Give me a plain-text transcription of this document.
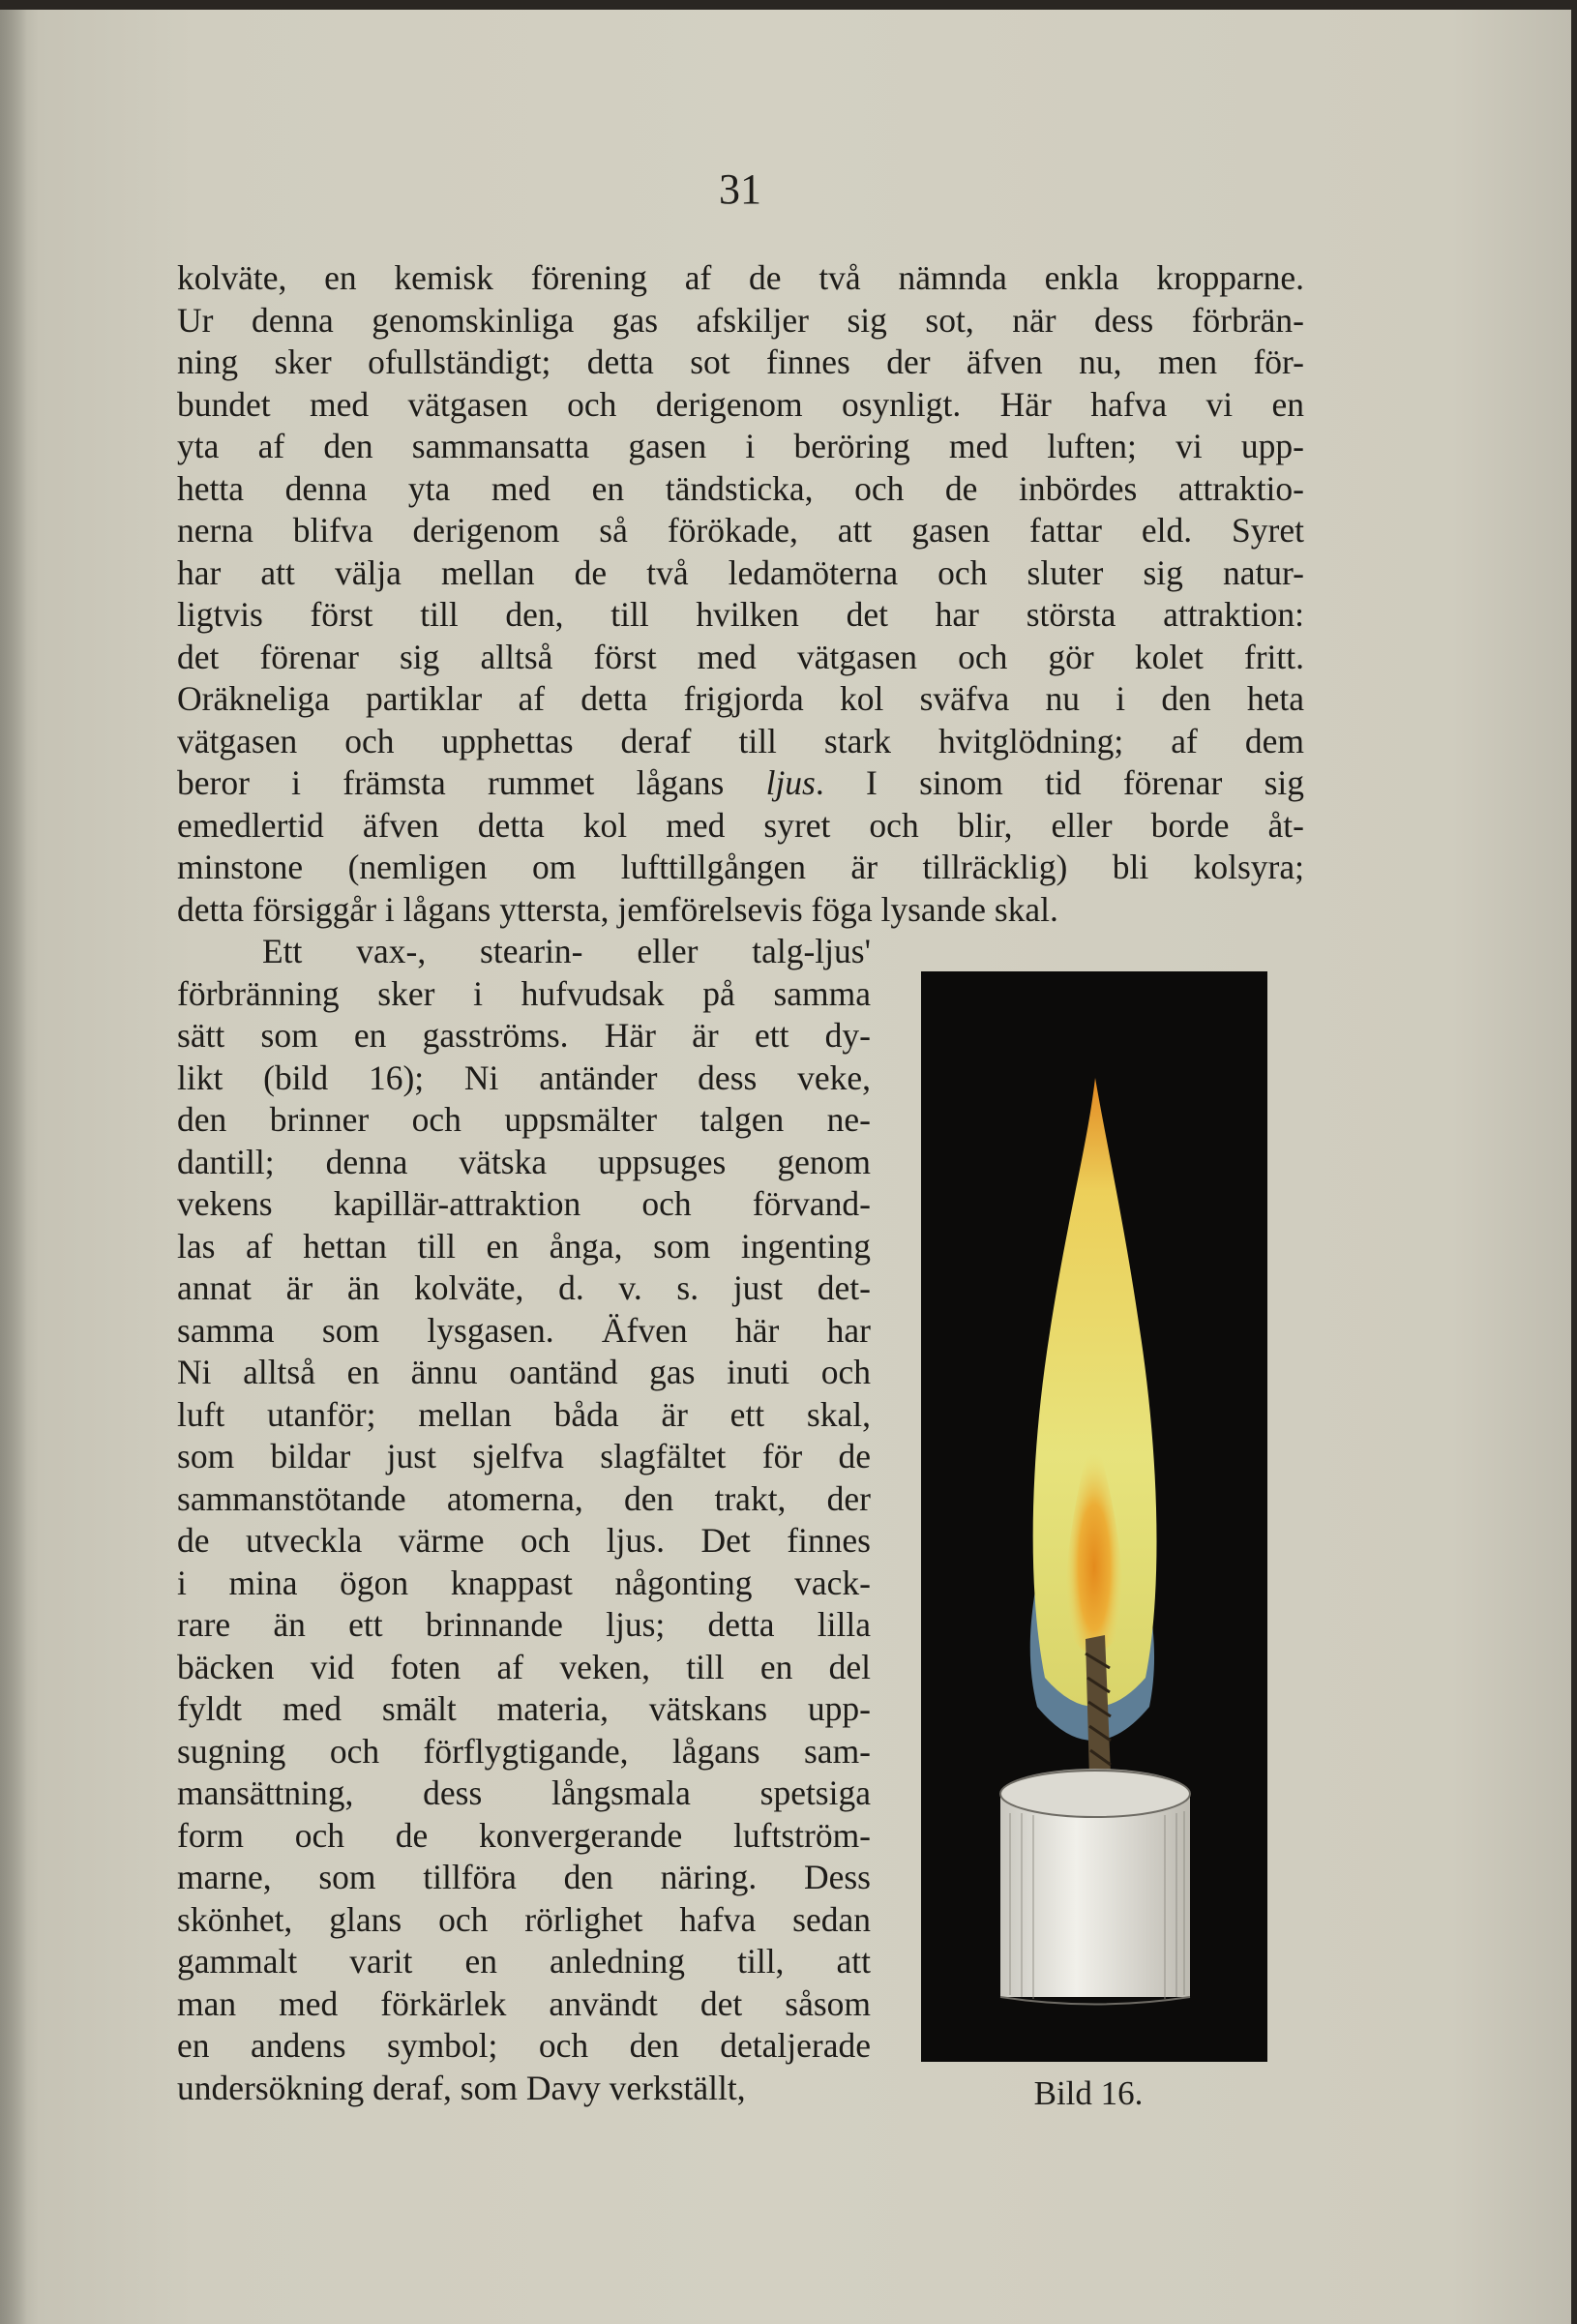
31
kolväte, en kemisk förening af de två nämnda enkla kropparne.
Ur denna genomskinliga gas afskiljer sig sot, när dess förbrän-
ning sker ofullständigt; detta sot finnes der äfven nu, men för-
bundet med vätgasen och derigenom osynligt. Här hafva vi en
yta af den sammansatta gasen i beröring med luften; vi upp-
hetta denna yta med en tändsticka, och de inbördes attraktio-
nerna blifva derigenom så förökade, att gasen fattar eld. Syret
har att välja mellan de två ledamöterna och sluter sig natur-
ligtvis först till den, till hvilken det har största attraktion:
det förenar sig alltså först med vätgasen och gör kolet fritt.
Oräkneliga partiklar af detta frigjorda kol sväfva nu i den heta
vätgasen och upphettas deraf till stark hvitglödning; af dem
beror i främsta rummet lågans ljus. I sinom tid förenar sig
emedlertid äfven detta kol med syret och blir, eller borde åt-
minstone (nemligen om lufttillgången är tillräcklig) bli kolsyra;
detta försiggår i lågans yttersta, jemförelsevis föga lysande skal.
Ett vax-, stearin- eller talg-ljus'
förbränning sker i hufvudsak på samma
sätt som en gasströms. Här är ett dy-
likt (bild 16); Ni antänder dess veke,
den brinner och uppsmälter talgen ne-
dantill; denna vätska uppsuges genom
vekens kapillär-attraktion och förvand-
las af hettan till en ånga, som ingenting
annat är än kolväte, d. v. s. just det-
samma som lysgasen. Äfven här har
Ni alltså en ännu oantänd gas inuti och
luft utanför; mellan båda är ett skal,
som bildar just sjelfva slagfältet för de
sammanstötande atomerna, den trakt, der
de utveckla värme och ljus. Det finnes
i mina ögon knappast någonting vack-
rare än ett brinnande ljus; detta lilla
bäcken vid foten af veken, till en del
fyldt med smält materia, vätskans upp-
sugning och förflygtigande, lågans sam-
mansättning, dess långsmala spetsiga
form och de konvergerande luftström-
marne, som tillföra den näring. Dess
skönhet, glans och rörlighet hafva sedan
gammalt varit en anledning till, att
man med förkärlek användt det såsom
en andens symbol; och den detaljerade
undersökning deraf, som Davy verkställt,	Bild 16.
